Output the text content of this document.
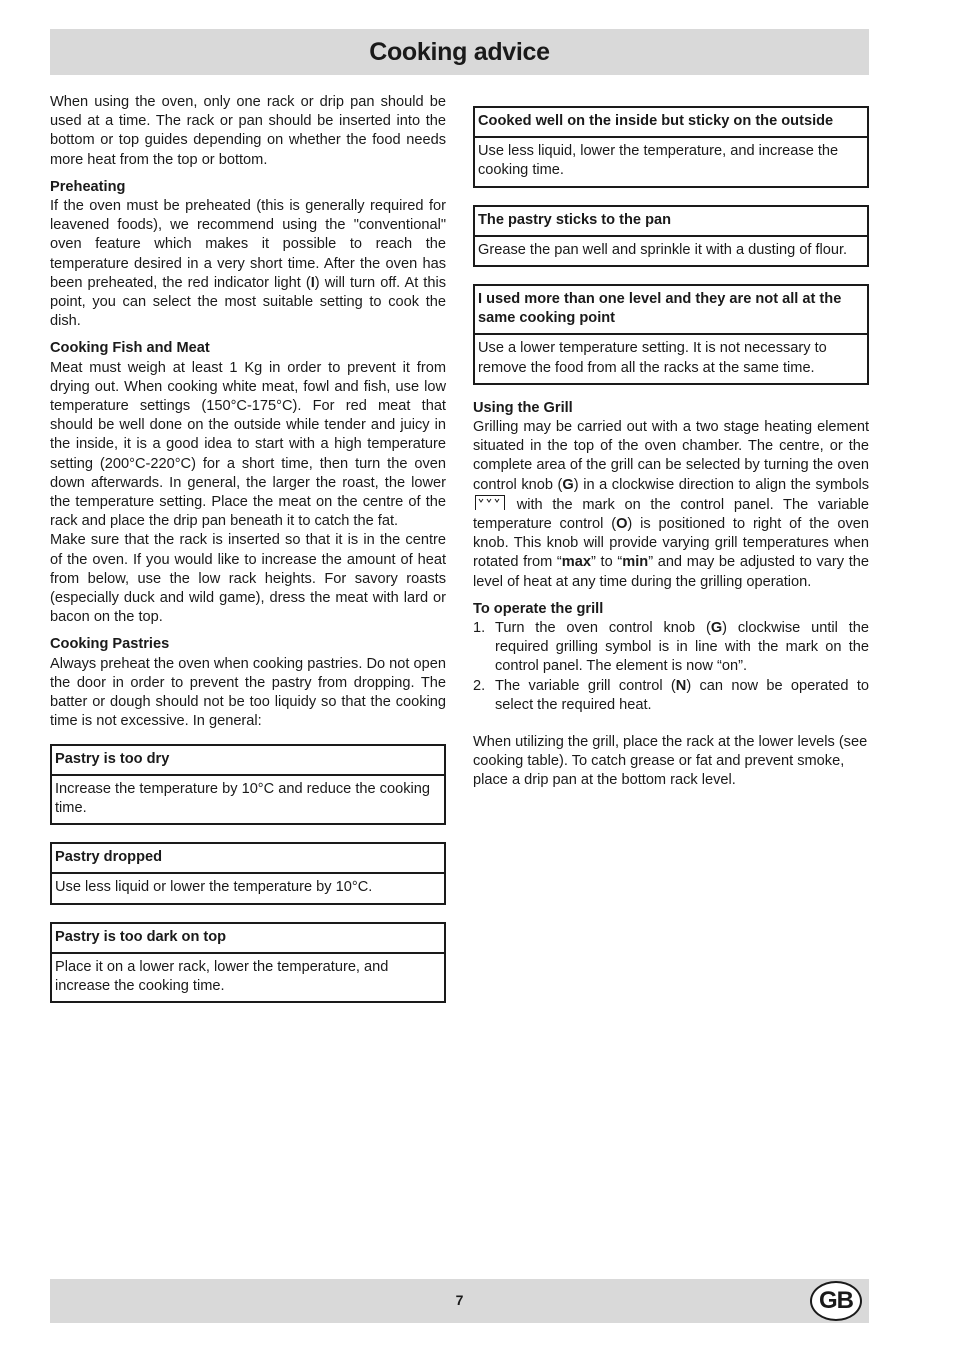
Cooking advice

When using the oven, only one rack or drip pan should be used at a time. The rack or pan should be inserted into the bottom or top guides depending on whether the food needs more heat from the top or bottom.

Preheating

If the oven must be preheated (this is generally required for leavened foods), we recommend using the "conventional" oven feature which makes it possible to reach the temperature desired in a very short time. After the oven has been preheated, the red indicator light (I) will turn off. At this point, you can select the most suitable setting to cook the dish.

Cooking Fish and Meat

Meat must weigh at least 1 Kg in order to prevent it from drying out. When cooking white meat, fowl and fish, use low temperature settings (150°C-175°C). For red meat that should be well done on the outside while tender and juicy in the inside, it is a good idea to start with a high temperature setting (200°C-220°C) for a short time, then turn the oven down afterwards. In general, the larger the roast, the lower the temperature setting. Place the meat on the centre of the rack and place the drip pan beneath it to catch the fat.

Make sure that the rack is inserted so that it is in the centre of the oven. If you would like to increase the amount of heat from below, use the low rack heights. For savory roasts (especially duck and wild game), dress the meat with lard or bacon on the top.

Cooking Pastries

Always preheat the oven when cooking pastries. Do not open the door in order to prevent the pastry from dropping. The batter or dough should not be too liquidy so that the cooking time is not excessive. In general:

Pastry is too dry
Increase the temperature by 10°C and reduce the cooking time.
Pastry dropped
Use less liquid or lower the temperature by 10°C.
Pastry is too dark on top
Place it on a lower rack, lower the temperature, and increase the cooking time.
Cooked well on the inside but sticky on the outside
Use less liquid, lower the temperature, and increase the cooking time.
The pastry sticks to the pan
Grease the pan well and sprinkle it with a dusting of flour.
I used more than one level and they are not all at the same cooking point
Use a lower temperature setting. It is not necessary to remove the food from all the racks at the same time.
Using the Grill

Grilling may be carried out with a two stage heating element situated in the top of the oven chamber. The centre, or the complete area of the grill can be selected by turning the oven control knob (G) in a clockwise direction to align the symbols  with the mark on the control panel. The variable temperature control (O) is positioned to right of the oven knob. This knob will provide varying grill temperatures when rotated from “max” to “min” and may be adjusted to vary the level of heat at any time during the grilling operation.

To operate the grill
1. Turn the oven control knob (G) clockwise until the required grilling symbol is in line with the mark on the control panel. The element is now “on”.
2. The variable grill control (N) can now be operated to select the required heat.

When utilizing the grill, place the rack at the lower levels (see cooking table). To catch grease or fat and prevent smoke, place a drip pan at the bottom rack level.

7	GB
